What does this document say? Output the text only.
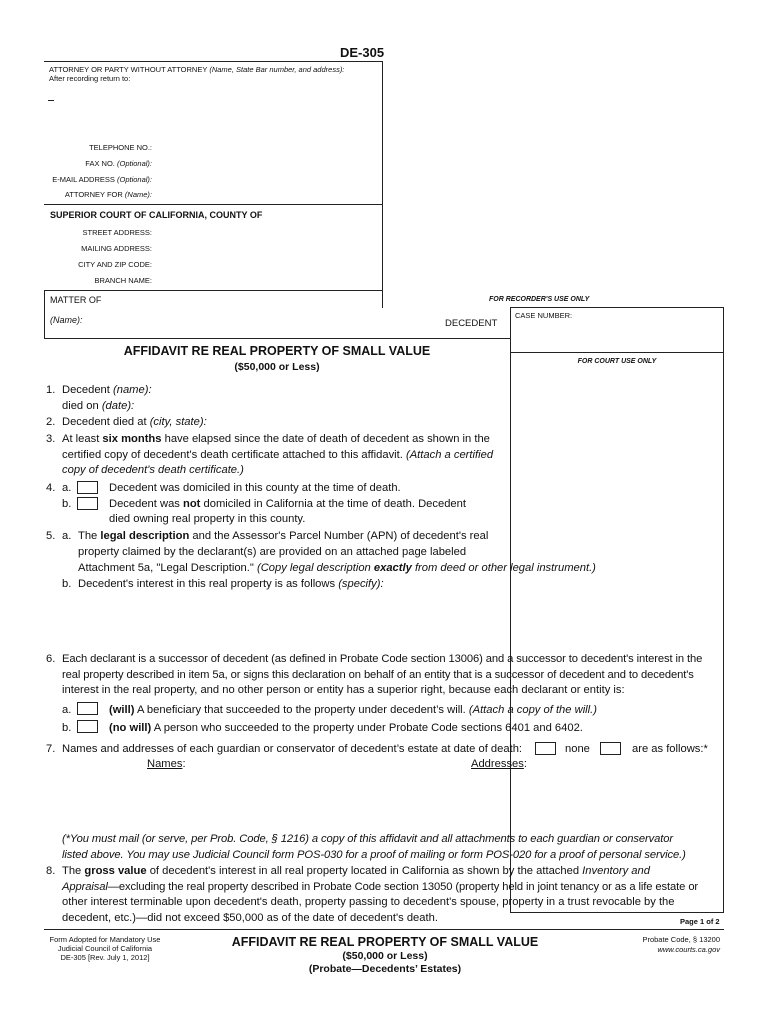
DE-305
ATTORNEY OR PARTY WITHOUT ATTORNEY (Name, State Bar number, and address):
After recording return to:
TELEPHONE NO.:
FAX NO. (Optional):
E-MAIL ADDRESS (Optional):
ATTORNEY FOR (Name):
SUPERIOR COURT OF CALIFORNIA, COUNTY OF
STREET ADDRESS:
MAILING ADDRESS:
CITY AND ZIP CODE:
BRANCH NAME:
MATTER OF
(Name):	DECEDENT
FOR RECORDER'S USE ONLY
CASE NUMBER:
FOR COURT USE ONLY
AFFIDAVIT RE REAL PROPERTY OF SMALL VALUE
($50,000 or Less)
1. Decedent (name):
died on (date):
2. Decedent died at (city, state):
3. At least six months have elapsed since the date of death of decedent as shown in the
certified copy of decedent's death certificate attached to this affidavit. (Attach a certified
copy of decedent's death certificate.)
4. a.	Decedent was domiciled in this county at the time of death.
b.	Decedent was not domiciled in California at the time of death. Decedent
died owning real property in this county.
5. a. The legal description and the Assessor's Parcel Number (APN) of decedent's real
property claimed by the declarant(s) are provided on an attached page labeled
Attachment 5a, "Legal Description." (Copy legal description exactly from deed or other legal instrument.)
b. Decedent's interest in this real property is as follows (specify):
6. Each declarant is a successor of decedent (as defined in Probate Code section 13006) and a successor to decedent's interest in the
real property described in item 5a, or signs this declaration on behalf of an entity that is a successor of decedent and to decedent's
interest in the real property, and no other person or entity has a superior right, because each declarant or entity is:
a.	(will) A beneficiary that succeeded to the property under decedent’s will. (Attach a copy of the will.)
b.	(no will) A person who succeeded to the property under Probate Code sections 6401 and 6402.
7. Names and addresses of each guardian or conservator of decedent’s estate at date of death:	none	are as follows:*
Names:	Addresses:
(*You must mail (or serve, per Prob. Code, § 1216) a copy of this affidavit and all attachments to each guardian or conservator
listed above. You may use Judicial Council form POS-030 for a proof of mailing or form POS-020 for a proof of personal service.)
8. The gross value of decedent's interest in all real property located in California as shown by the attached Inventory and
Appraisal—excluding the real property described in Probate Code section 13050 (property held in joint tenancy or as a life estate or
other interest terminable upon decedent's death, property passing to decedent's spouse, property in a trust revocable by the
decedent, etc.)—did not exceed $50,000 as of the date of decedent's death.	Page 1 of 2
Form Adopted for Mandatory Use
Judicial Council of California
DE-305 [Rev. July 1, 2012]
AFFIDAVIT RE REAL PROPERTY OF SMALL VALUE
($50,000 or Less)
(Probate—Decedents’ Estates)
Probate Code, § 13200
www.courts.ca.gov
